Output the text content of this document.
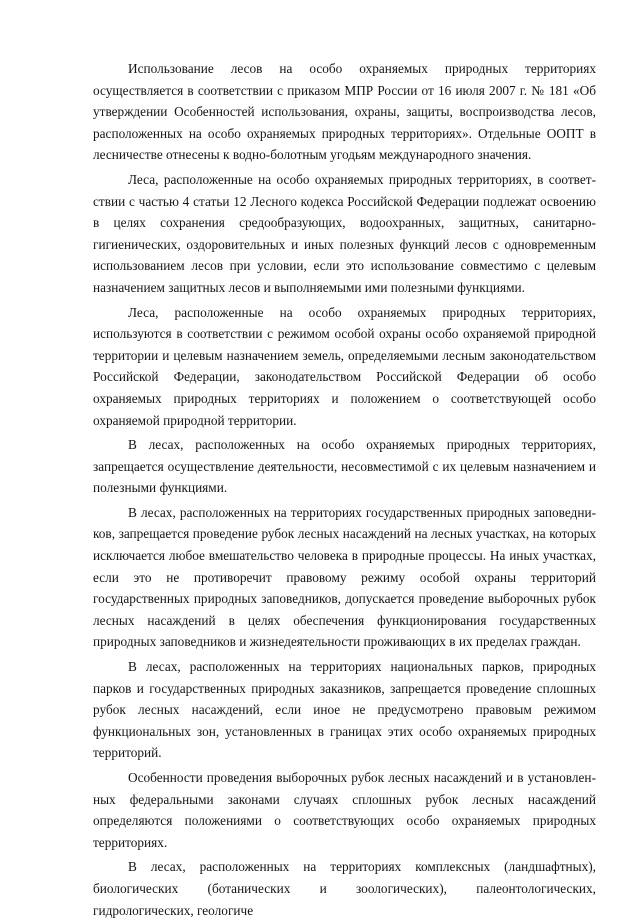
Использование лесов на особо охраняемых природных территориях осуществляется в соответствии с приказом МПР России от 16 июля 2007 г. № 181 «Об утверждении Особенностей использования, охраны, защиты, воспроизводства лесов, расположенных на особо охраняемых природных территориях». Отдельные ООПТ в лесничестве отнесены к водно-болотным угодьям международного значения.

Леса, расположенные на особо охраняемых природных территориях, в соответствии с частью 4 статьи 12 Лесного кодекса Российской Федерации подлежат освоению в целях сохранения средообразующих, водоохранных, защитных, санитарно-гигиенических, оздоровительных и иных полезных функций лесов с одновременным использованием лесов при условии, если это использование совместимо с целевым назначением защитных лесов и выполняемыми ими полезными функциями.

Леса, расположенные на особо охраняемых природных территориях, используются в соответствии с режимом особой охраны особо охраняемой природной территории и целевым назначением земель, определяемыми лесным законодательством Российской Федерации, законодательством Российской Федерации об особо охраняемых природных территориях и положением о соответствующей особо охраняемой природной территории.

В лесах, расположенных на особо охраняемых природных территориях, запрещается осуществление деятельности, несовместимой с их целевым назначением и полезными функциями.

В лесах, расположенных на территориях государственных природных заповедников, запрещается проведение рубок лесных насаждений на лесных участках, на которых исключается любое вмешательство человека в природные процессы. На иных участках, если это не противоречит правовому режиму особой охраны территорий государственных природных заповедников, допускается проведение выборочных рубок лесных насаждений в целях обеспечения функционирования государственных природных заповедников и жизнедеятельности проживающих в их пределах граждан.

В лесах, расположенных на территориях национальных парков, природных парков и государственных природных заказников, запрещается проведение сплошных рубок лесных насаждений, если иное не предусмотрено правовым режимом функциональных зон, установленных в границах этих особо охраняемых природных территорий.

Особенности проведения выборочных рубок лесных насаждений и в установленных федеральными законами случаях сплошных рубок лесных насаждений определяются положениями о соответствующих особо охраняемых природных территориях.

В лесах, расположенных на территориях комплексных (ландшафтных), биологических (ботанических и зоологических), палеонтологических, гидрологических, геологиче
